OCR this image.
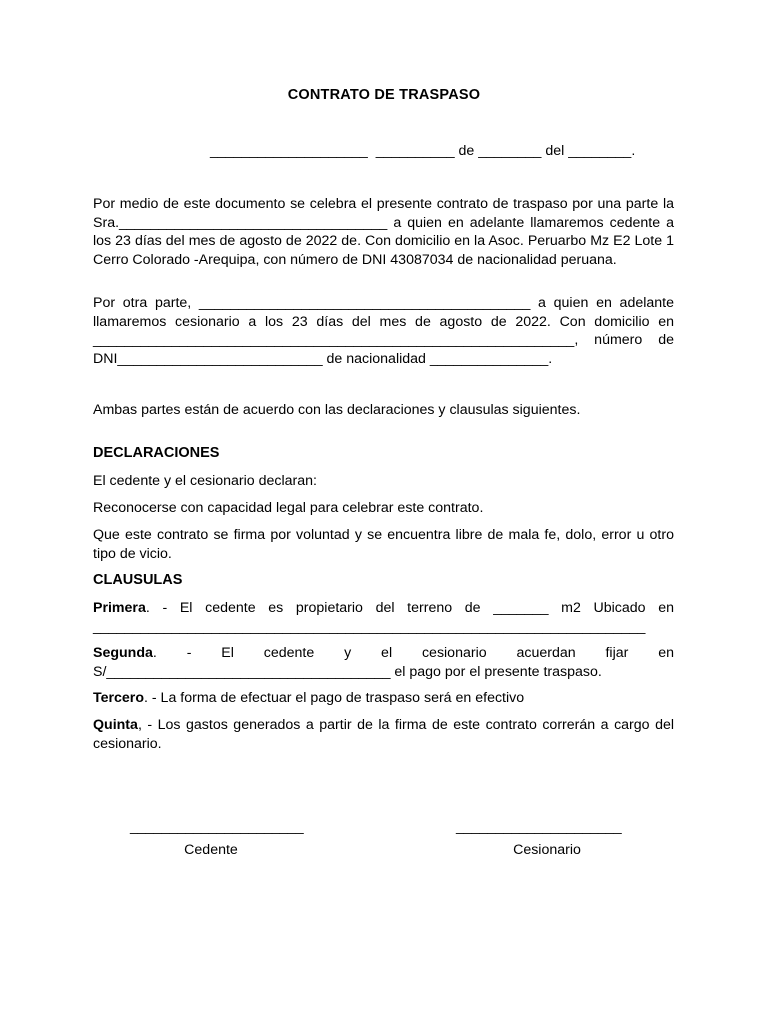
CONTRATO DE TRASPASO
____________________  __________ de ________ del ________.

Por medio de este documento se celebra el presente contrato de traspaso por una parte la Sra.__________________________________ a quien en adelante llamaremos cedente a los 23 días del mes de agosto de 2022 de. Con domicilio en la Asoc. Peruarbo Mz E2 Lote 1 Cerro Colorado -Arequipa, con número de DNI 43087034 de nacionalidad peruana.

Por otra parte, __________________________________________ a quien en adelante llamaremos cesionario a los 23 días del mes de agosto de 2022. Con domicilio en _____________________________________________________________, número de DNI__________________________ de nacionalidad _______________.

Ambas partes están de acuerdo con las declaraciones y clausulas siguientes.

DECLARACIONES
El cedente y el cesionario declaran:
Reconocerse con capacidad legal para celebrar este contrato.
Que este contrato se firma por voluntad y se encuentra libre de mala fe, dolo, error u otro tipo de vicio.
CLAUSULAS

Primera. - El cedente es propietario del terreno de _______ m2 Ubicado en ______________________________________________________________________

Segunda. - El cedente y el cesionario acuerdan fijar en S/____________________________________ el pago por el presente traspaso.

Tercero. - La forma de efectuar el pago de traspaso será en efectivo

Quinta, - Los gastos generados a partir de la firma de este contrato correrán a cargo del cesionario.

______________________	_____________________
Cedente	Cesionario
